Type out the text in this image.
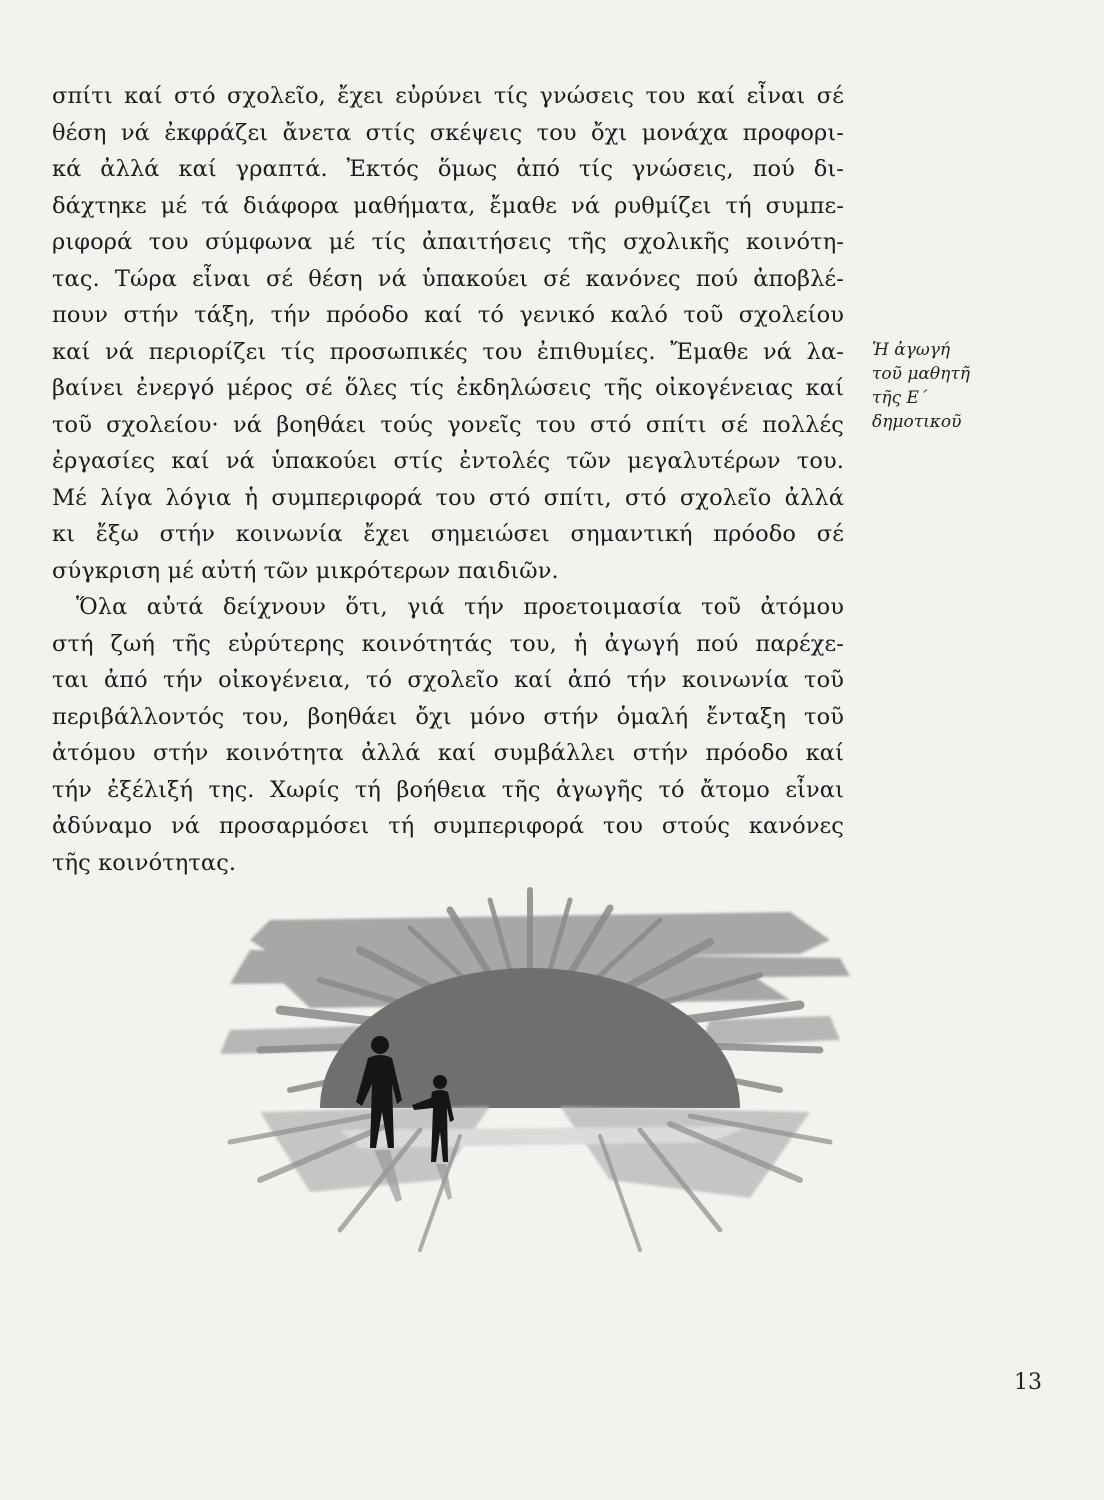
σπίτι καί στό σχολεῖο, ἔχει εὐρύνει τίς γνώσεις του καί εἶναι σέ
θέση νά ἐκφράζει ἄνετα στίς σκέψεις του ὄχι μονάχα προφορι-
κά ἀλλά καί γραπτά. Ἐκτός ὅμως ἀπό τίς γνώσεις, πού δι-
δάχτηκε μέ τά διάφορα μαθήματα, ἔμαθε νά ρυθμίζει τή συμπε-
ριφορά του σύμφωνα μέ τίς ἀπαιτήσεις τῆς σχολικῆς κοινότη-
τας. Τώρα εἶναι σέ θέση νά ὑπακούει σέ κανόνες πού ἀποβλέ-
πουν στήν τάξη, τήν πρόοδο καί τό γενικό καλό τοῦ σχολείου
καί νά περιορίζει τίς προσωπικές του ἐπιθυμίες. Ἔμαθε νά λα-
βαίνει ἐνεργό μέρος σέ ὅλες τίς ἐκδηλώσεις τῆς οἰκογένειας καί
τοῦ σχολείου· νά βοηθάει τούς γονεῖς του στό σπίτι σέ πολλές
ἐργασίες καί νά ὑπακούει στίς ἐντολές τῶν μεγαλυτέρων του.
Μέ λίγα λόγια ἡ συμπεριφορά του στό σπίτι, στό σχολεῖο ἀλλά
κι ἔξω στήν κοινωνία ἔχει σημειώσει σημαντική πρόοδο σέ
σύγκριση μέ αὐτή τῶν μικρότερων παιδιῶν.
Ὅλα αὐτά δείχνουν ὅτι, γιά τήν προετοιμασία τοῦ ἀτόμου
στή ζωή τῆς εὐρύτερης κοινότητάς του, ἡ ἀγωγή πού παρέχε-
ται ἀπό τήν οἰκογένεια, τό σχολεῖο καί ἀπό τήν κοινωνία τοῦ
περιβάλλοντός του, βοηθάει ὄχι μόνο στήν ὁμαλή ἔνταξη τοῦ
ἀτόμου στήν κοινότητα ἀλλά καί συμβάλλει στήν πρόοδο καί
τήν ἐξέλιξή της. Χωρίς τή βοήθεια τῆς ἀγωγῆς τό ἄτομο εἶναι
ἀδύναμο νά προσαρμόσει τή συμπεριφορά του στούς κανόνες
τῆς κοινότητας.
Ἡ ἀγωγή
τοῦ μαθητῆ
τῆς Ε΄
δημοτικοῦ
13
